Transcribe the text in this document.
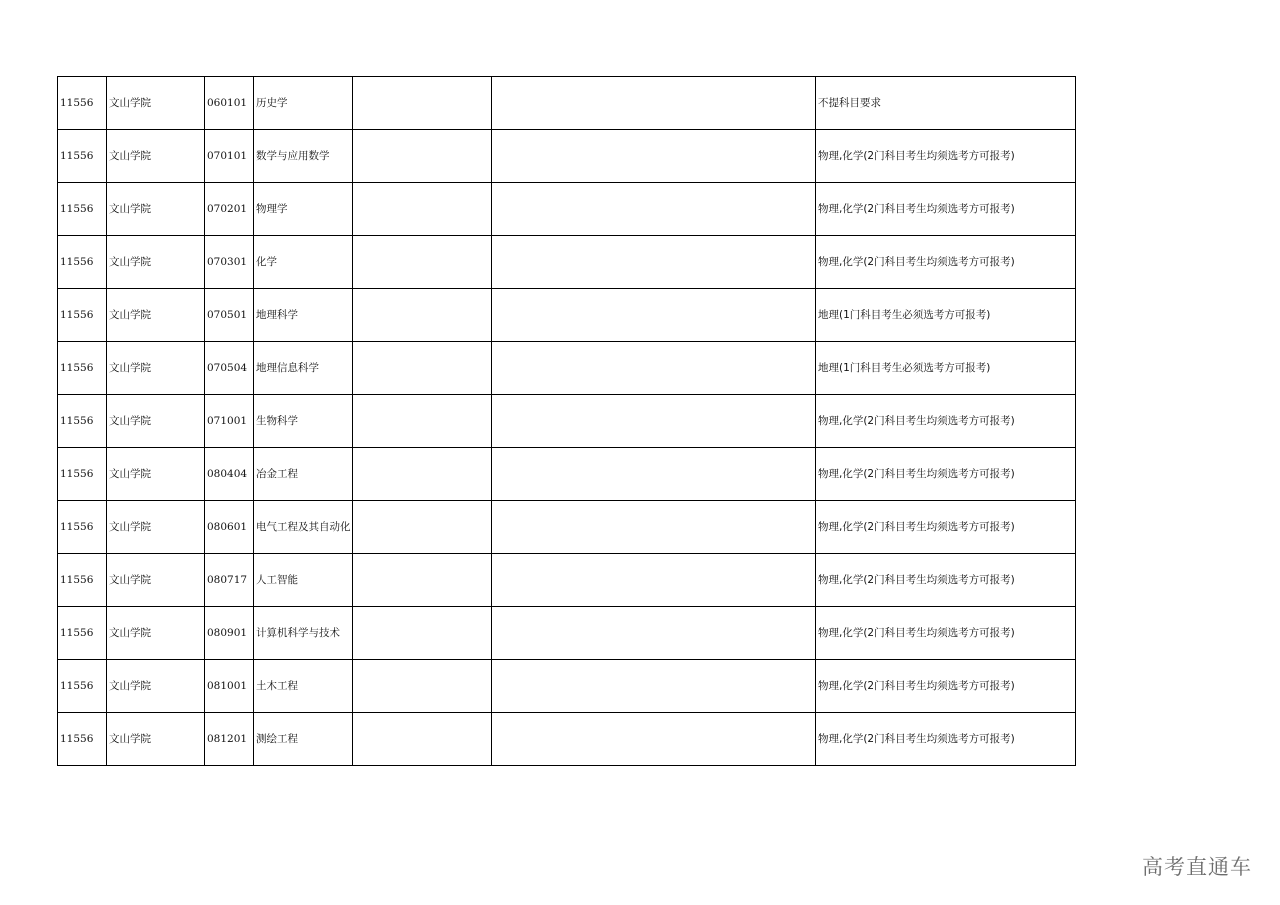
11556	文山学院	060101	历史学			不提科目要求
11556	文山学院	070101	数学与应用数学			物理,化学(2门科目考生均须选考方可报考)
11556	文山学院	070201	物理学			物理,化学(2门科目考生均须选考方可报考)
11556	文山学院	070301	化学			物理,化学(2门科目考生均须选考方可报考)
11556	文山学院	070501	地理科学			地理(1门科目考生必须选考方可报考)
11556	文山学院	070504	地理信息科学			地理(1门科目考生必须选考方可报考)
11556	文山学院	071001	生物科学			物理,化学(2门科目考生均须选考方可报考)
11556	文山学院	080404	冶金工程			物理,化学(2门科目考生均须选考方可报考)
11556	文山学院	080601	电气工程及其自动化			物理,化学(2门科目考生均须选考方可报考)
11556	文山学院	080717	人工智能			物理,化学(2门科目考生均须选考方可报考)
11556	文山学院	080901	计算机科学与技术			物理,化学(2门科目考生均须选考方可报考)
11556	文山学院	081001	土木工程			物理,化学(2门科目考生均须选考方可报考)
11556	文山学院	081201	测绘工程			物理,化学(2门科目考生均须选考方可报考)
高考直通车
